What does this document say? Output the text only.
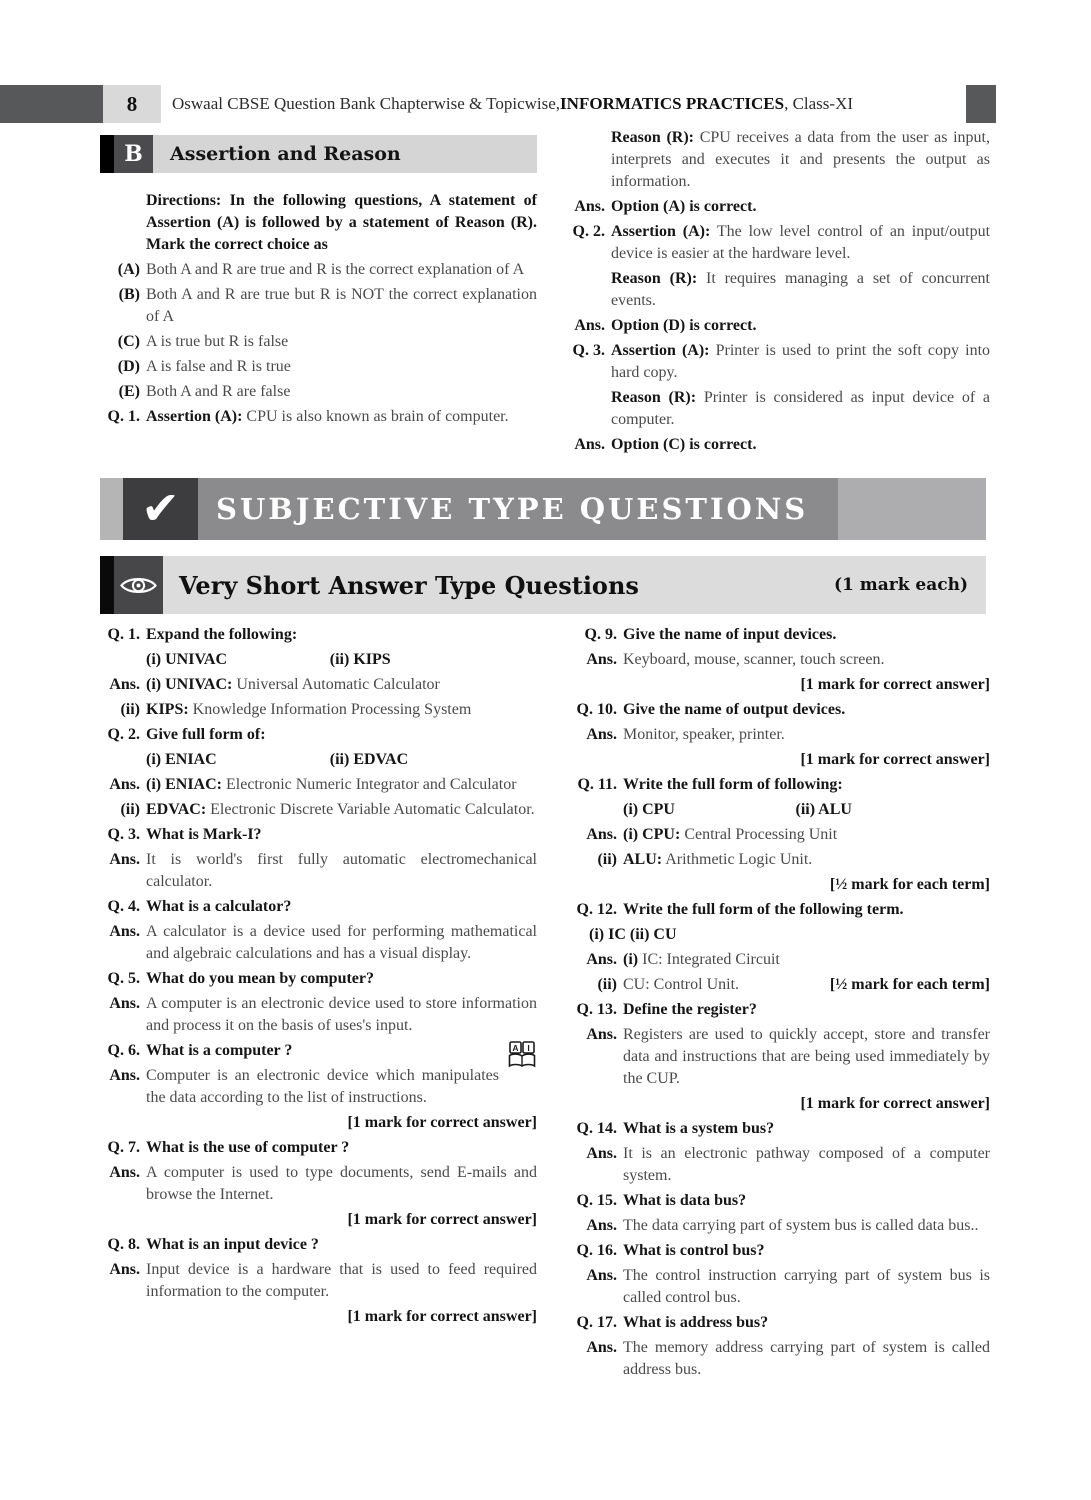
8	Oswaal CBSE Question Bank Chapterwise & Topicwise, INFORMATICS PRACTICES , Class-XI
B	Assertion and Reason
Directions: In the following questions, A statement of Assertion (A) is followed by a statement of Reason (R). Mark the correct choice as
(A) Both A and R are true and R is the correct explanation of A
(B) Both A and R are true but R is NOT the correct explanation of A
(C) A is true but R is false
(D) A is false and R is true
(E) Both A and R are false
Q. 1. Assertion (A): CPU is also known as brain of computer.
Reason (R): CPU receives a data from the user as input, interprets and executes it and presents the output as information.
Ans. Option (A) is correct.
Q. 2. Assertion (A): The low level control of an input/output device is easier at the hardware level.
Reason (R): It requires managing a set of concurrent events.
Ans. Option (D) is correct.
Q. 3. Assertion (A): Printer is used to print the soft copy into hard copy.
Reason (R): Printer is considered as input device of a computer.
Ans. Option (C) is correct.
✔ SUBJECTIVE TYPE QUESTIONS
Very Short Answer Type Questions	(1 mark each)
Q. 1. Expand the following:
(i) UNIVAC	(ii) KIPS
Ans. (i) UNIVAC: Universal Automatic Calculator
(ii) KIPS: Knowledge Information Processing System
Q. 2. Give full form of:
(i) ENIAC	(ii) EDVAC
Ans. (i) ENIAC: Electronic Numeric Integrator and Calculator
(ii) EDVAC: Electronic Discrete Variable Automatic Calculator.
Q. 3. What is Mark-I?
Ans. It is world's first fully automatic electromechanical calculator.
Q. 4. What is a calculator?
Ans. A calculator is a device used for performing mathematical and algebraic calculations and has a visual display.
Q. 5. What do you mean by computer?
Ans. A computer is an electronic device used to store information and process it on the basis of uses's input.
Q. 6.	A I
What is a computer ?
Ans. Computer is an electronic device which manipulates the data according to the list of instructions.
[1 mark for correct answer]
Q. 7. What is the use of computer ?
Ans. A computer is used to type documents, send E-mails and browse the Internet.
[1 mark for correct answer]
Q. 8. What is an input device ?
Ans. Input device is a hardware that is used to feed required information to the computer.
[1 mark for correct answer]
Q. 9. Give the name of input devices.
Ans. Keyboard, mouse, scanner, touch screen.
[1 mark for correct answer]
Q. 10. Give the name of output devices.
Ans. Monitor, speaker, printer.
[1 mark for correct answer]
Q. 11. Write the full form of following:
(i) CPU	(ii) ALU
Ans. (i) CPU: Central Processing Unit
(ii) ALU: Arithmetic Logic Unit.
[½ mark for each term]
Q. 12. Write the full form of the following term.
(i) IC (ii) CU
Ans. (i) IC: Integrated Circuit
(ii)	[½ mark for each term]
CU: Control Unit.
Q. 13. Define the register?
Ans. Registers are used to quickly accept, store and transfer data and instructions that are being used immediately by the CUP.
[1 mark for correct answer]
Q. 14. What is a system bus?
Ans. It is an electronic pathway composed of a computer system.
Q. 15. What is data bus?
Ans. The data carrying part of system bus is called data bus..
Q. 16. What is control bus?
Ans. The control instruction carrying part of system bus is called control bus.
Q. 17. What is address bus?
Ans. The memory address carrying part of system is called address bus.
